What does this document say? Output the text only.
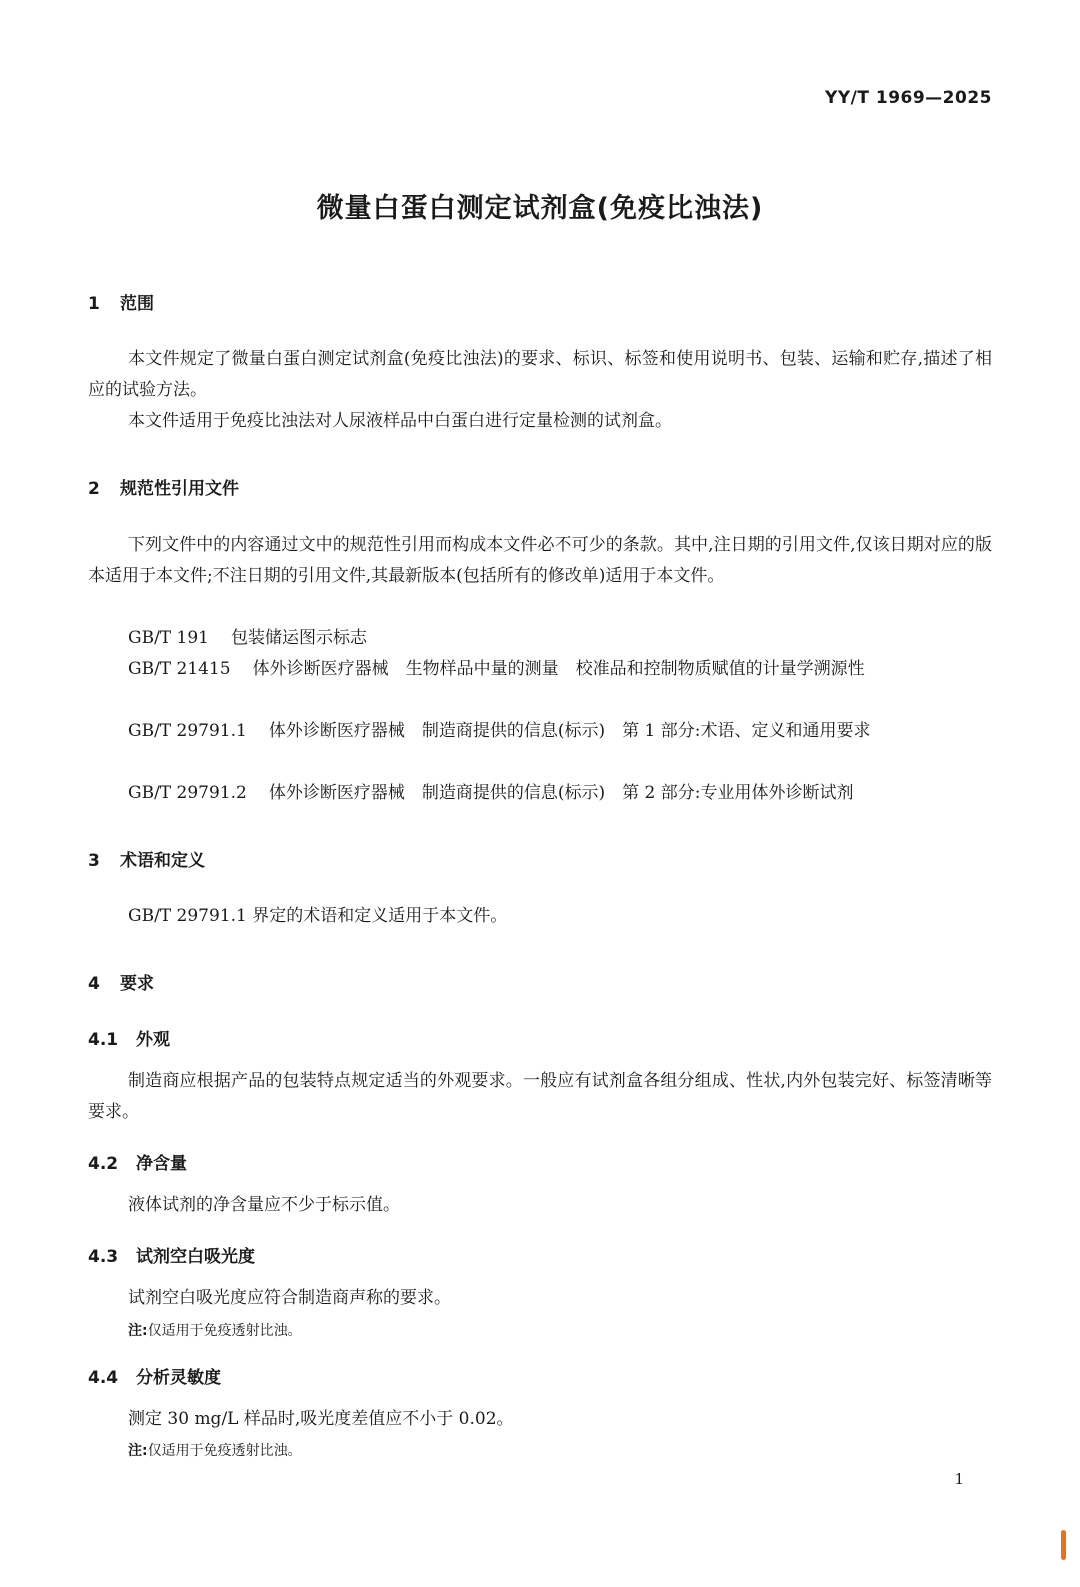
YY/T 1969—2025
微量白蛋白测定试剂盒(免疫比浊法)
1 范围
本文件规定了微量白蛋白测定试剂盒(免疫比浊法)的要求、标识、标签和使用说明书、包装、运输和贮存,描述了相应的试验方法。
本文件适用于免疫比浊法对人尿液样品中白蛋白进行定量检测的试剂盒。
2 规范性引用文件
下列文件中的内容通过文中的规范性引用而构成本文件必不可少的条款。其中,注日期的引用文件,仅该日期对应的版本适用于本文件;不注日期的引用文件,其最新版本(包括所有的修改单)适用于本文件。
GB/T 191 包装储运图示标志
GB/T 21415 体外诊断医疗器械　生物样品中量的测量　校准品和控制物质赋值的计量学溯源性
GB/T 29791.1 体外诊断医疗器械　制造商提供的信息(标示)　第 1 部分:术语、定义和通用要求
GB/T 29791.2 体外诊断医疗器械　制造商提供的信息(标示)　第 2 部分:专业用体外诊断试剂
3 术语和定义
GB/T 29791.1 界定的术语和定义适用于本文件。
4 要求
4.1 外观
制造商应根据产品的包装特点规定适当的外观要求。一般应有试剂盒各组分组成、性状,内外包装完好、标签清晰等要求。
4.2 净含量
液体试剂的净含量应不少于标示值。
4.3 试剂空白吸光度
试剂空白吸光度应符合制造商声称的要求。
注:仅适用于免疫透射比浊。
4.4 分析灵敏度
测定 30 mg/L 样品时,吸光度差值应不小于 0.02。
注:仅适用于免疫透射比浊。
1
